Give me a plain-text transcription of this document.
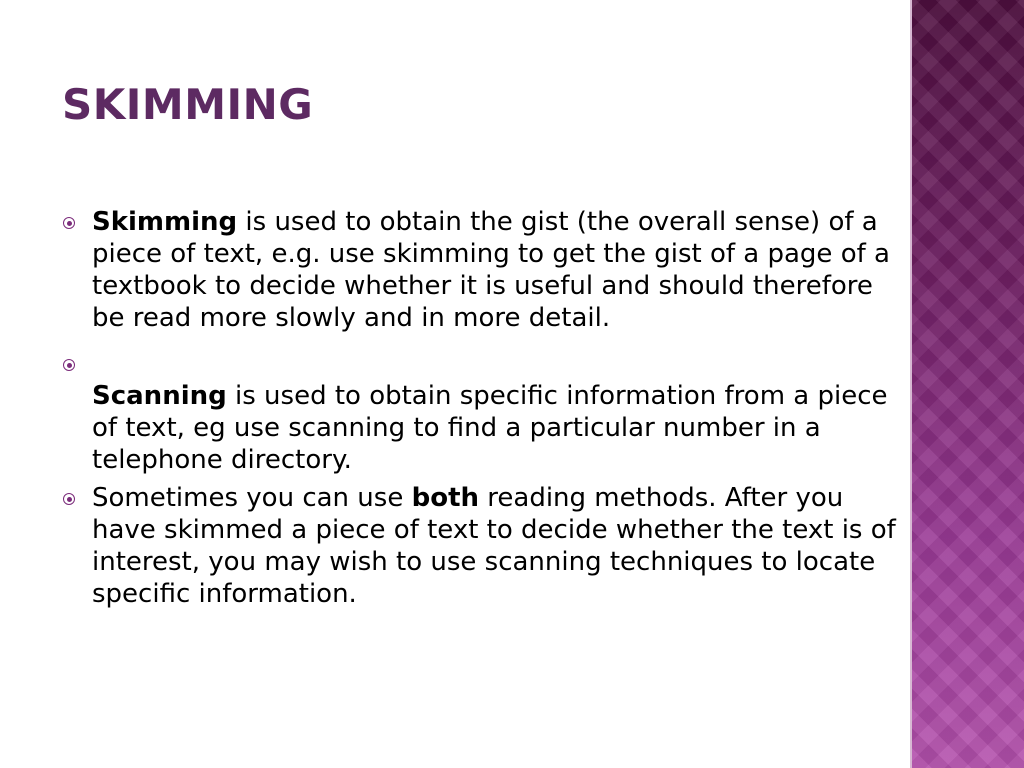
SKIMMING
Skimming is used to obtain the gist (the overall sense) of a piece of text, e.g. use skimming to get the gist of a page of a textbook to decide whether it is useful and should therefore be read more slowly and in more detail.
Scanning is used to obtain specific information from a piece of text, eg use scanning to find a particular number in a telephone directory.
Sometimes you can use both reading methods. After you have skimmed a piece of text to decide whether the text is of interest, you may wish to use scanning techniques to locate specific information.
